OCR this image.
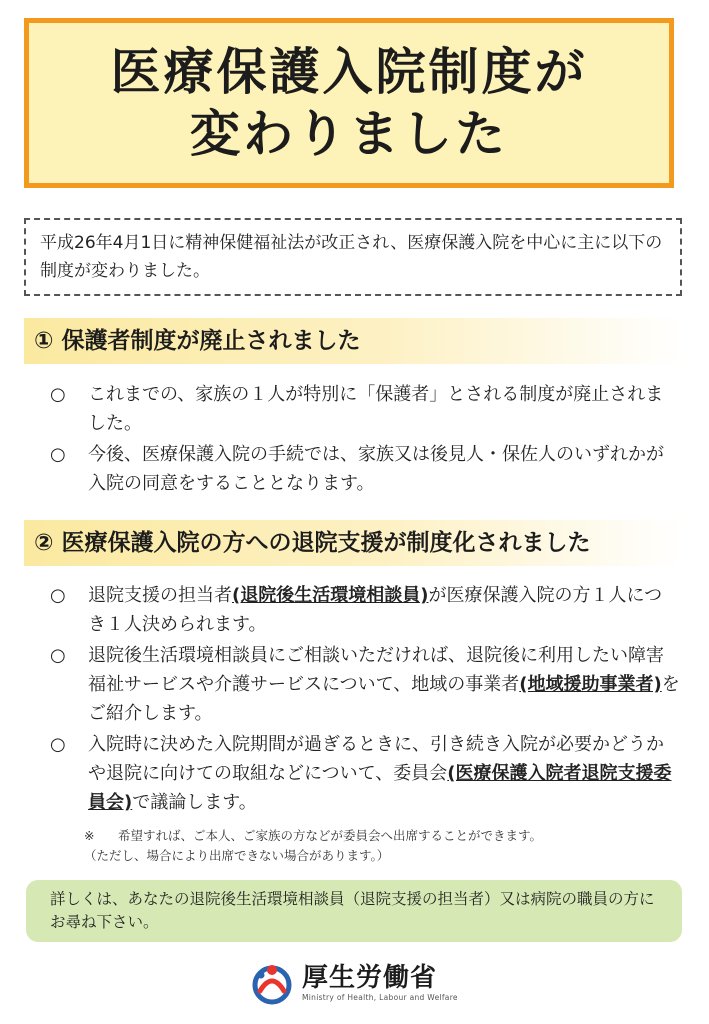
医療保護入院制度が
変わりました
平成26年4月1日に精神保健福祉法が改正され、医療保護入院を中心に主に以下の制度が変わりました。
① 保護者制度が廃止されました
○	これまでの、家族の１人が特別に「保護者」とされる制度が廃止されました。
○	今後、医療保護入院の手続では、家族又は後見人・保佐人のいずれかが入院の同意をすることとなります。
② 医療保護入院の方への退院支援が制度化されました
○	退院支援の担当者(退院後生活環境相談員)が医療保護入院の方１人につき１人決められます。
○	退院後生活環境相談員にご相談いただければ、退院後に利用したい障害福祉サービスや介護サービスについて、地域の事業者(地域援助事業者)をご紹介します。
○	入院時に決めた入院期間が過ぎるときに、引き続き入院が必要かどうかや退院に向けての取組などについて、委員会(医療保護入院者退院支援委員会)で議論します。
※ 希望すれば、ご本人、ご家族の方などが委員会へ出席することができます。
（ただし、場合により出席できない場合があります。）
詳しくは、あなたの退院後生活環境相談員（退院支援の担当者）又は病院の職員の方にお尋ね下さい。
厚生労働省
Ministry of Health, Labour and Welfare
